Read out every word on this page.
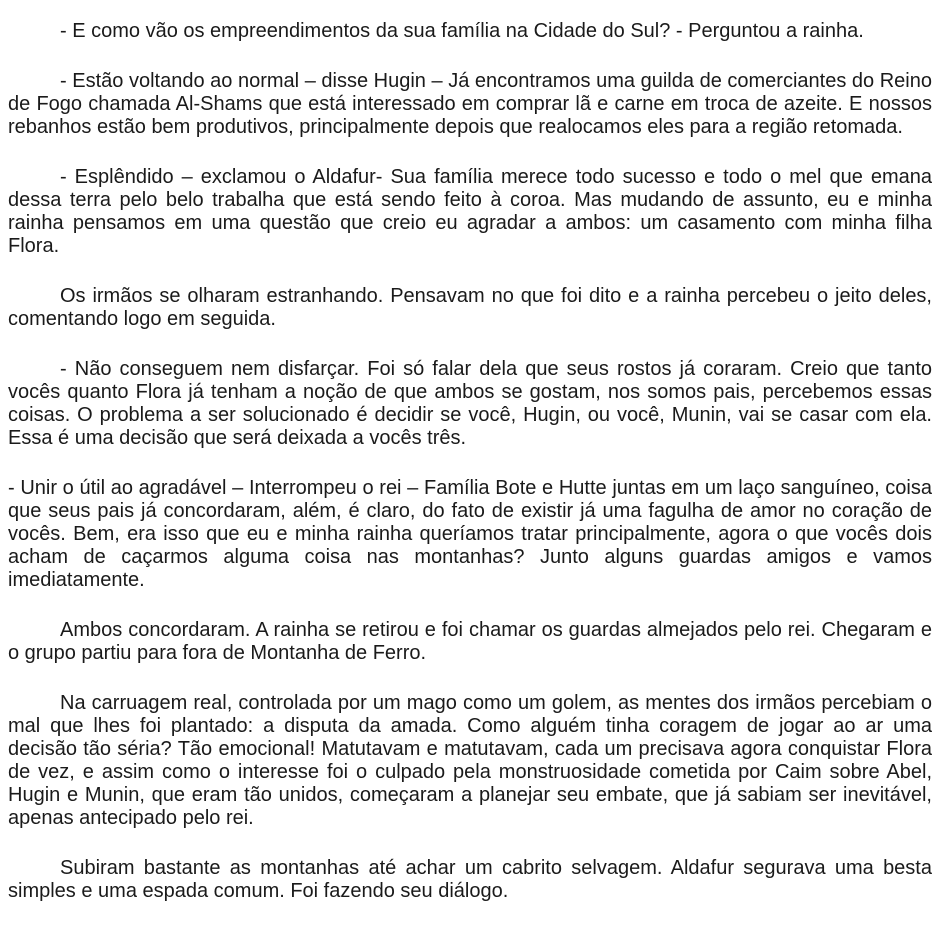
- E como vão os empreendimentos da sua família na Cidade do Sul? - Perguntou a rainha.

- Estão voltando ao normal – disse Hugin – Já encontramos uma guilda de comerciantes do Reino de Fogo chamada Al-Shams que está interessado em comprar lã e carne em troca de azeite. E nossos rebanhos estão bem produtivos, principalmente depois que realocamos eles para a região retomada.

- Esplêndido – exclamou o Aldafur- Sua família merece todo sucesso e todo o mel que emana dessa terra pelo belo trabalha que está sendo feito à coroa. Mas mudando de assunto, eu e minha rainha pensamos em uma questão que creio eu agradar a ambos: um casamento com minha filha Flora.

Os irmãos se olharam estranhando. Pensavam no que foi dito e a rainha percebeu o jeito deles, comentando logo em seguida.

- Não conseguem nem disfarçar. Foi só falar dela que seus rostos já coraram. Creio que tanto vocês quanto Flora já tenham a noção de que ambos se gostam, nos somos pais, percebemos essas coisas. O problema a ser solucionado é decidir se você, Hugin, ou você, Munin, vai se casar com ela. Essa é uma decisão que será deixada a vocês três.

- Unir o útil ao agradável – Interrompeu o rei – Família Bote e Hutte juntas em um laço sanguíneo, coisa que seus pais já concordaram, além, é claro, do fato de existir já uma fagulha de amor no coração de vocês. Bem, era isso que eu e minha rainha queríamos tratar principalmente, agora o que vocês dois acham de caçarmos alguma coisa nas montanhas? Junto alguns guardas amigos e vamos imediatamente.

Ambos concordaram. A rainha se retirou e foi chamar os guardas almejados pelo rei. Chegaram e o grupo partiu para fora de Montanha de Ferro.

Na carruagem real, controlada por um mago como um golem, as mentes dos irmãos percebiam o mal que lhes foi plantado: a disputa da amada. Como alguém tinha coragem de jogar ao ar uma decisão tão séria? Tão emocional! Matutavam e matutavam, cada um precisava agora conquistar Flora de vez, e assim como o interesse foi o culpado pela monstruosidade cometida por Caim sobre Abel, Hugin e Munin, que eram tão unidos, começaram a planejar seu embate, que já sabiam ser inevitável, apenas antecipado pelo rei.

Subiram bastante as montanhas até achar um cabrito selvagem. Aldafur segurava uma besta simples e uma espada comum. Foi fazendo seu diálogo.
